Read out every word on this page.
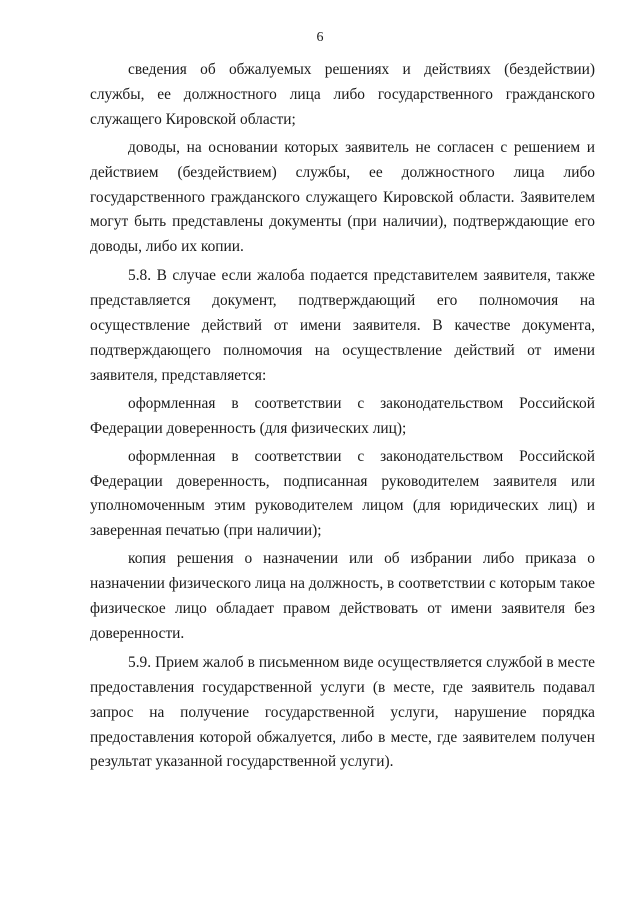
6

сведения об обжалуемых решениях и действиях (бездействии) службы, ее должностного лица либо государственного гражданского служащего Кировской области;

доводы, на основании которых заявитель не согласен с решением и действием (бездействием) службы, ее должностного лица либо государственного гражданского служащего Кировской области. Заявителем могут быть представлены документы (при наличии), подтверждающие его доводы, либо их копии.

5.8. В случае если жалоба подается представителем заявителя, также представляется документ, подтверждающий его полномочия на осуществление действий от имени заявителя. В качестве документа, подтверждающего полномочия на осуществление действий от имени заявителя, представляется:

оформленная в соответствии с законодательством Российской Федерации доверенность (для физических лиц);

оформленная в соответствии с законодательством Российской Федерации доверенность, подписанная руководителем заявителя или уполномоченным этим руководителем лицом (для юридических лиц) и заверенная печатью (при наличии);

копия решения о назначении или об избрании либо приказа о назначении физического лица на должность, в соответствии с которым такое физическое лицо обладает правом действовать от имени заявителя без доверенности.

5.9. Прием жалоб в письменном виде осуществляется службой в месте предоставления государственной услуги (в месте, где заявитель подавал запрос на получение государственной услуги, нарушение порядка предоставления которой обжалуется, либо в месте, где заявителем получен результат указанной государственной услуги).
